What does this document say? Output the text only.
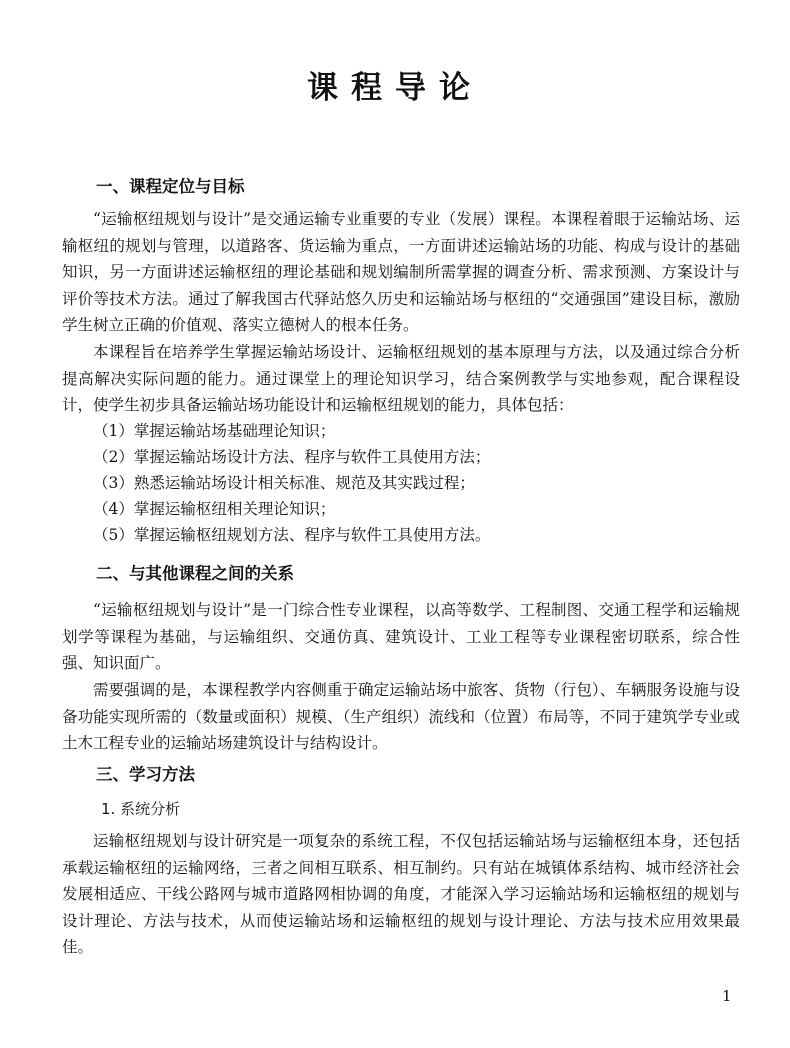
课程导论
一、课程定位与目标

“运输枢纽规划与设计”是交通运输专业重要的专业（发展）课程。本课程着眼于运输站场、运输枢纽的规划与管理，以道路客、货运输为重点，一方面讲述运输站场的功能、构成与设计的基础知识，另一方面讲述运输枢纽的理论基础和规划编制所需掌握的调查分析、需求预测、方案设计与评价等技术方法。通过了解我国古代驿站悠久历史和运输站场与枢纽的“交通强国”建设目标，激励学生树立正确的价值观、落实立德树人的根本任务。

本课程旨在培养学生掌握运输站场设计、运输枢纽规划的基本原理与方法，以及通过综合分析提高解决实际问题的能力。通过课堂上的理论知识学习，结合案例教学与实地参观，配合课程设计，使学生初步具备运输站场功能设计和运输枢纽规划的能力，具体包括：

（1）掌握运输站场基础理论知识；
（2）掌握运输站场设计方法、程序与软件工具使用方法；
（3）熟悉运输站场设计相关标准、规范及其实践过程；
（4）掌握运输枢纽相关理论知识；
（5）掌握运输枢纽规划方法、程序与软件工具使用方法。
二、与其他课程之间的关系

“运输枢纽规划与设计”是一门综合性专业课程，以高等数学、工程制图、交通工程学和运输规划学等课程为基础，与运输组织、交通仿真、建筑设计、工业工程等专业课程密切联系，综合性强、知识面广。

需要强调的是，本课程教学内容侧重于确定运输站场中旅客、货物（行包）、车辆服务设施与设备功能实现所需的（数量或面积）规模、（生产组织）流线和（位置）布局等，不同于建筑学专业或土木工程专业的运输站场建筑设计与结构设计。

三、学习方法
1. 系统分析

运输枢纽规划与设计研究是一项复杂的系统工程，不仅包括运输站场与运输枢纽本身，还包括承载运输枢纽的运输网络，三者之间相互联系、相互制约。只有站在城镇体系结构、城市经济社会发展相适应、干线公路网与城市道路网相协调的角度，才能深入学习运输站场和运输枢纽的规划与设计理论、方法与技术，从而使运输站场和运输枢纽的规划与设计理论、方法与技术应用效果最佳。

1
